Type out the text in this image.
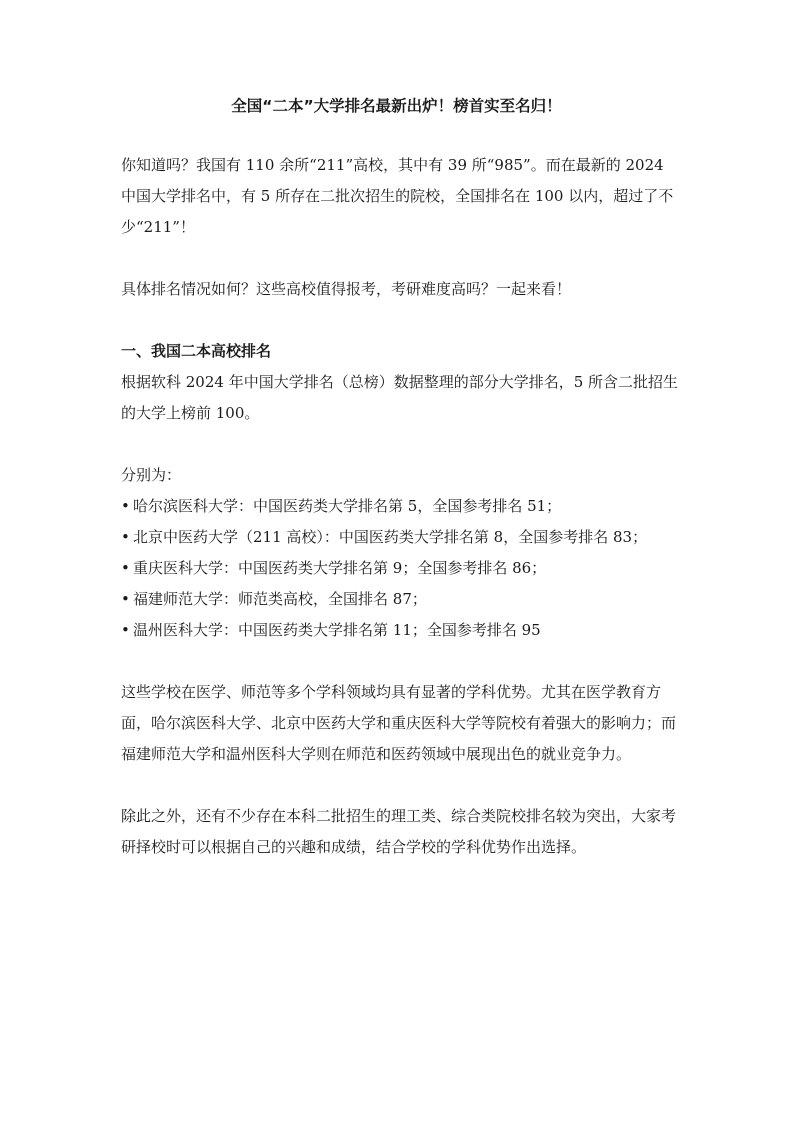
全国“二本”大学排名最新出炉！榜首实至名归！

你知道吗？我国有 110 余所“211”高校，其中有 39 所“985”。而在最新的 2024 中国大学排名中，有 5 所存在二批次招生的院校，全国排名在 100 以内，超过了不少“211”！

具体排名情况如何？这些高校值得报考，考研难度高吗？一起来看！

一、我国二本高校排名

根据软科 2024 年中国大学排名（总榜）数据整理的部分大学排名，5 所含二批招生的大学上榜前 100。

分别为：

• 哈尔滨医科大学：中国医药类大学排名第 5，全国参考排名 51；
• 北京中医药大学（211 高校）：中国医药类大学排名第 8，全国参考排名 83；
• 重庆医科大学：中国医药类大学排名第 9；全国参考排名 86；
• 福建师范大学：师范类高校，全国排名 87；
• 温州医科大学：中国医药类大学排名第 11；全国参考排名 95

这些学校在医学、师范等多个学科领域均具有显著的学科优势。尤其在医学教育方面，哈尔滨医科大学、北京中医药大学和重庆医科大学等院校有着强大的影响力；而福建师范大学和温州医科大学则在师范和医药领域中展现出色的就业竞争力。

除此之外，还有不少存在本科二批招生的理工类、综合类院校排名较为突出，大家考研择校时可以根据自己的兴趣和成绩，结合学校的学科优势作出选择。
